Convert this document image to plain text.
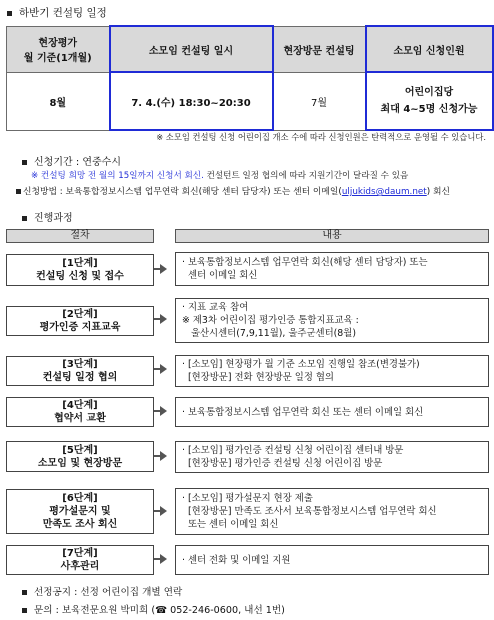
하반기 컨설팅 일정
현장평가
월 기준(1개월)	소모임 컨설팅 일시	현장방문 컨설팅	소모임 신청인원
8월	7. 4.(수) 18:30~20:30	7월	어린이집당
최대 4~5명 신청가능
※ 소모임 컨설팅 신청 어린이집 개소 수에 따라 신청인원은 탄력적으로 운영될 수 있습니다.
신청기간 : 연중수시
※ 컨설팅 희망 전 월의 15일까지 신청서 회신. 컨설턴트 일정 협의에 따라 지원기간이 달라질 수 있음
신청방법 : 보육통합정보시스템 업무연락 회신(해당 센터 담당자) 또는 센터 이메일(uljukids@daum.net) 회신
진행과정
절차	내용
[1단계]
컨설팅 신청 및 접수
· 보육통합정보시스템 업무연락 회신(해당 센터 담당자) 또는
센터 이메일 회신
[2단계]
평가인증 지표교육
· 지표 교육 참여
※ 제3차 어린이집 평가인증 통합지표교육 :
울산시센터(7,9,11월), 울주군센터(8월)
[3단계]
컨설팅 일정 협의
· [소모임] 현장평가 월 기준 소모임 진행일 참조(변경불가)
[현장방문] 전화 현장방문 일정 협의
[4단계]
협약서 교환
· 보육통합정보시스템 업무연락 회신 또는 센터 이메일 회신
[5단계]
소모임 및 현장방문
· [소모임] 평가인증 컨설팅 신청 어린이집 센터내 방문
[현장방문] 평가인증 컨설팅 신청 어린이집 방문
[6단계]
평가설문지 및
만족도 조사 회신
· [소모임] 평가설문지 현장 제출
[현장방문] 만족도 조사서 보육통합정보시스템 업무연락 회신
또는 센터 이메일 회신
[7단계]
사후관리
· 센터 전화 및 이메일 지원
선정공지 : 선정 어린이집 개별 연락
문의 : 보육전문요원 박미희 (☎ 052-246-0600, 내선 1번)
